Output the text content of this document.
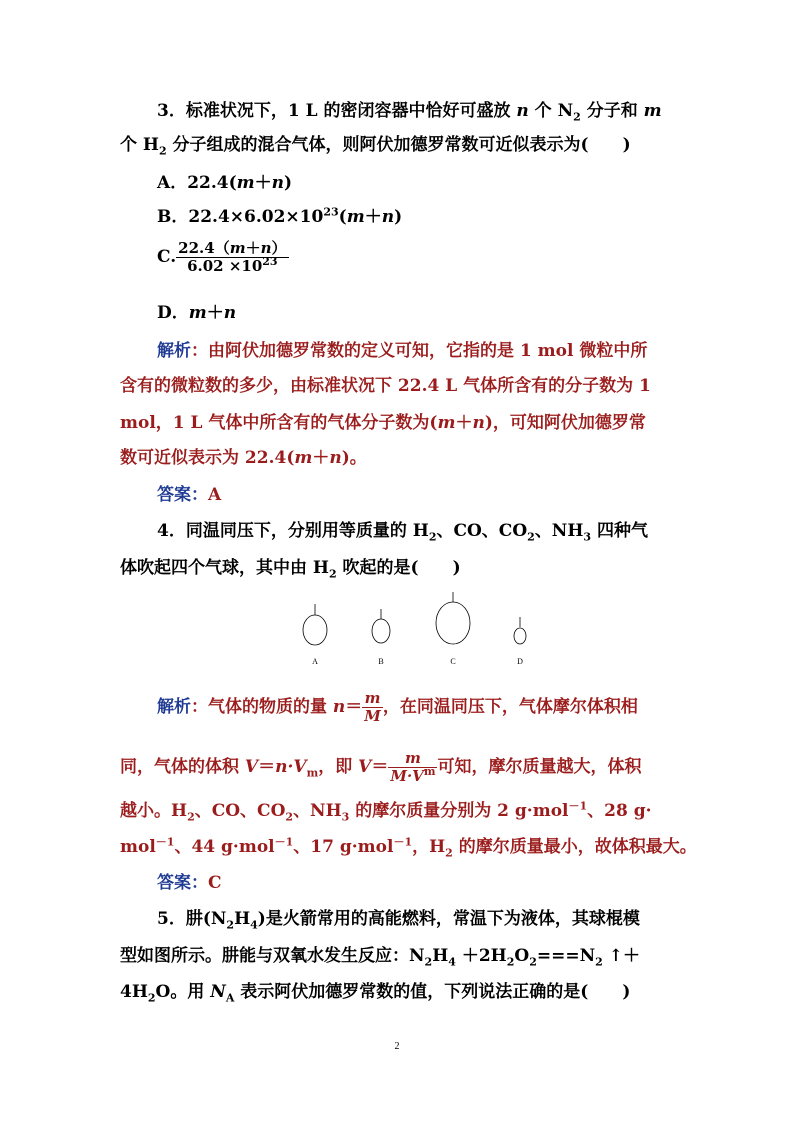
3．标准状况下，1 L 的密闭容器中恰好可盛放 n 个 $N_2$ 分子和 m
个 $H_2$ 分子组成的混合气体，则阿伏加德罗常数可近似表示为(　　)
A．22.4(m＋n)
B．$22.4\times 6.02\times 10^{23}(m+n)$
C. $\frac{22.4(m+n)}{6.02 \times 10^{23}}$
D．m＋n
解析：由阿伏加德罗常数的定义可知，它指的是 1 mol 微粒中所
含有的微粒数的多少，由标准状况下 22.4 L 气体所含有的分子数为 1
mol，1 L 气体中所含有的气体分子数为(m＋n)，可知阿伏加德罗常
数可近似表示为 22.4(m＋n)。
答案：A
4．同温同压下，分别用等质量的 $H_2$、CO、$CO_2$、$NH_3$ 四种气
体吹起四个气球，其中由 $H_2$ 吹起的是(　　)
A	B	C	D
解析：气体的物质的量 $n= \frac{m}{M}$ ，在同温同压下，气体摩尔体积相
同，气体的体积 $V=n\cdot V_m$，即 $V= \frac{m}{M\cdot V^m}$ 可知，摩尔质量越大，体积
越小。$H_2$、CO、$CO_2$、$NH_3$ 的摩尔质量分别为 2 g·mol$^{-1}$、28 g·
mol$^{-1}$、44 g·mol$^{-1}$、17 g·mol$^{-1}$，$H_2$ 的摩尔质量最小，故体积最大。
答案：C
5．肼$(N_2H_4)$是火箭常用的高能燃料，常温下为液体，其球棍模
型如图所示。肼能与双氧水发生反应：$N_2H_4 +2H_2O_2===N_2$ ↑＋
$4H_2O$。用 $N_A$ 表示阿伏加德罗常数的值，下列说法正确的是(　　)
2
